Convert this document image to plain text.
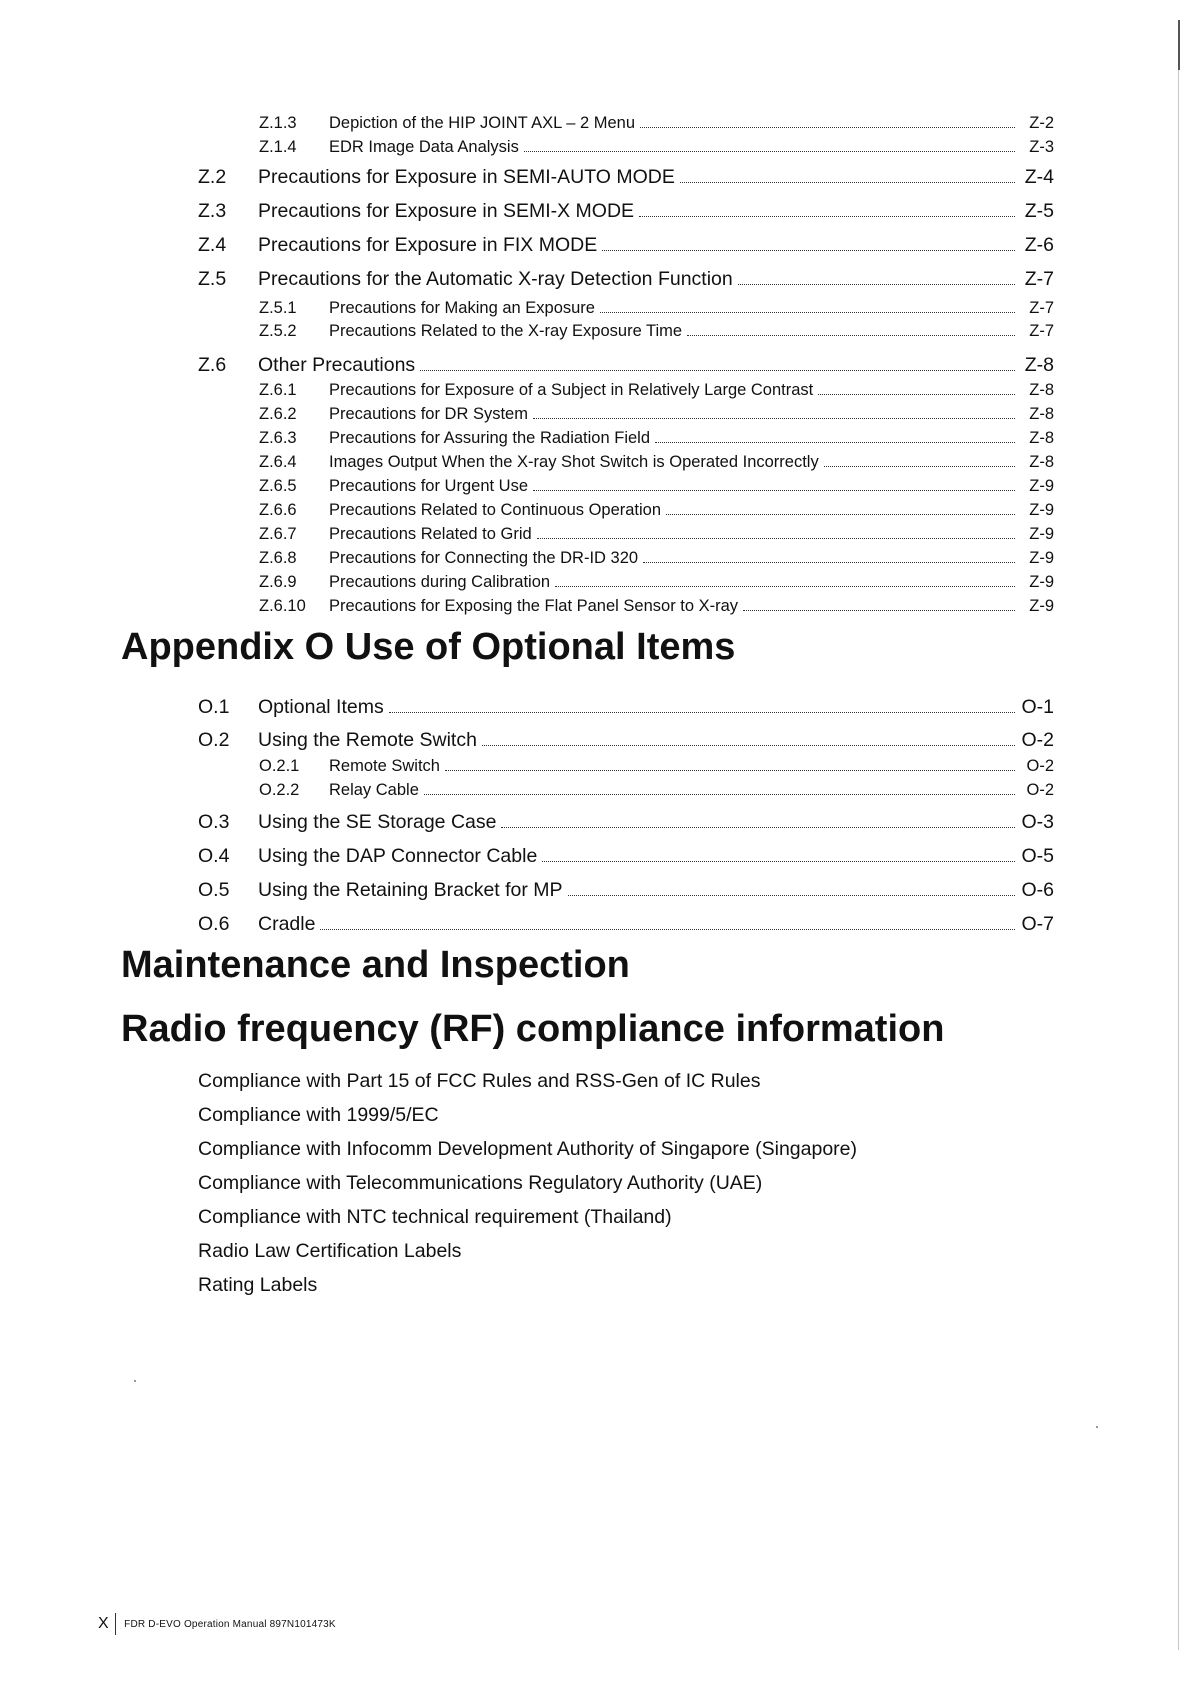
Z.1.3 Depiction of the HIP JOINT AXL – 2 Menu	Z-2
Z.1.4 EDR Image Data Analysis	Z-3
Z.2 Precautions for Exposure in SEMI-AUTO MODE	Z-4
Z.3 Precautions for Exposure in SEMI-X MODE	Z-5
Z.4 Precautions for Exposure in FIX MODE	Z-6
Z.5 Precautions for the Automatic X-ray Detection Function	Z-7
Z.5.1 Precautions for Making an Exposure	Z-7
Z.5.2 Precautions Related to the X-ray Exposure Time	Z-7
Z.6 Other Precautions	Z-8
Z.6.1 Precautions for Exposure of a Subject in Relatively Large Contrast	Z-8
Z.6.2 Precautions for DR System	Z-8
Z.6.3 Precautions for Assuring the Radiation Field	Z-8
Z.6.4 Images Output When the X-ray Shot Switch is Operated Incorrectly	Z-8
Z.6.5 Precautions for Urgent Use	Z-9
Z.6.6 Precautions Related to Continuous Operation	Z-9
Z.6.7 Precautions Related to Grid	Z-9
Z.6.8 Precautions for Connecting the DR-ID 320	Z-9
Z.6.9 Precautions during Calibration	Z-9
Z.6.10 Precautions for Exposing the Flat Panel Sensor to X-ray	Z-9
O.1 Optional Items	O-1
O.2 Using the Remote Switch	O-2
O.2.1 Remote Switch	O-2
O.2.2 Relay Cable	O-2
O.3 Using the SE Storage Case	O-3
O.4 Using the DAP Connector Cable	O-5
O.5 Using the Retaining Bracket for MP	O-6
O.6 Cradle	O-7
Appendix O Use of Optional Items
Maintenance and Inspection
Radio frequency (RF) compliance information
Compliance with Part 15 of FCC Rules and RSS-Gen of IC Rules
Compliance with 1999/5/EC
Compliance with Infocomm Development Authority of Singapore (Singapore)
Compliance with Telecommunications Regulatory Authority (UAE)
Compliance with NTC technical requirement (Thailand)
Radio Law Certification Labels
Rating Labels
X FDR D-EVO Operation Manual 897N101473K
